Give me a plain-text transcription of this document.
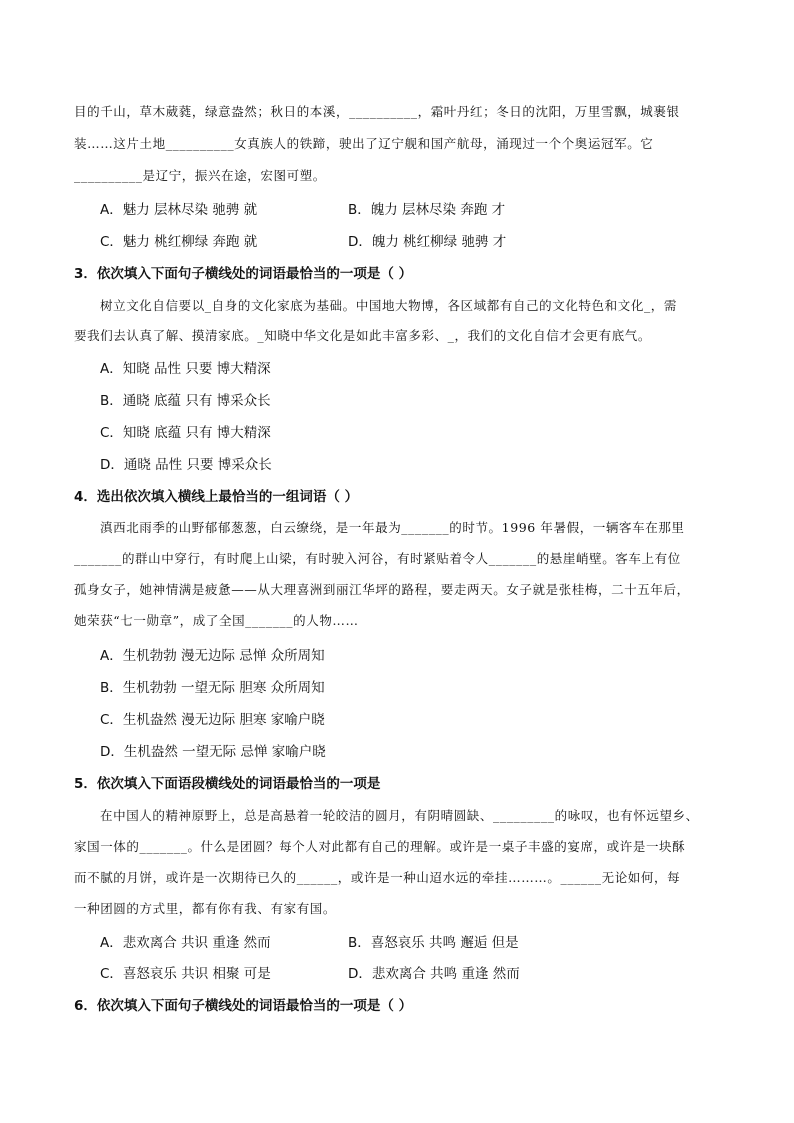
目的千山，草木葳蕤，绿意盎然；秋日的本溪，__________，霜叶丹红；冬日的沈阳，万里雪飘，城裹银
装……这片土地__________女真族人的铁蹄，驶出了辽宁舰和国产航母，涌现过一个个奥运冠军。它
__________是辽宁，振兴在途，宏图可塑。
A．魅力 层林尽染 驰骋 就	B．魄力 层林尽染 奔跑 才
C．魅力 桃红柳绿 奔跑 就	D．魄力 桃红柳绿 驰骋 才
3．依次填入下面句子横线处的词语最恰当的一项是（ ）
树立文化自信要以_自身的文化家底为基础。中国地大物博，各区域都有自己的文化特色和文化_，需
要我们去认真了解、摸清家底。_知晓中华文化是如此丰富多彩、_，我们的文化自信才会更有底气。
A．知晓 品性 只要 博大精深
B．通晓 底蕴 只有 博采众长
C．知晓 底蕴 只有 博大精深
D．通晓 品性 只要 博采众长
4．选出依次填入横线上最恰当的一组词语（ ）
滇西北雨季的山野郁郁葱葱，白云缭绕，是一年最为_______的时节。1996 年暑假，一辆客车在那里
_______的群山中穿行，有时爬上山梁，有时驶入河谷，有时紧贴着令人_______的悬崖峭壁。客车上有位
孤身女子，她神情满是疲惫——从大理喜洲到丽江华坪的路程，要走两天。女子就是张桂梅，二十五年后，
她荣获“七一勋章”，成了全国_______的人物……
A．生机勃勃 漫无边际 忌惮 众所周知
B．生机勃勃 一望无际 胆寒 众所周知
C．生机盎然 漫无边际 胆寒 家喻户晓
D．生机盎然 一望无际 忌惮 家喻户晓
5．依次填入下面语段横线处的词语最恰当的一项是
在中国人的精神原野上，总是高悬着一轮皎洁的圆月，有阴晴圆缺、_________的咏叹，也有怀远望乡、
家国一体的_______。什么是团圆？每个人对此都有自己的理解。或许是一桌子丰盛的宴席，或许是一块酥
而不腻的月饼，或许是一次期待已久的______，或许是一种山迢水远的牵挂………。______无论如何，每
一种团圆的方式里，都有你有我、有家有国。
A．悲欢离合 共识 重逢 然而	B．喜怒哀乐 共鸣 邂逅 但是
C．喜怒哀乐 共识 相聚 可是	D．悲欢离合 共鸣 重逢 然而
6．依次填入下面句子横线处的词语最恰当的一项是（ ）
